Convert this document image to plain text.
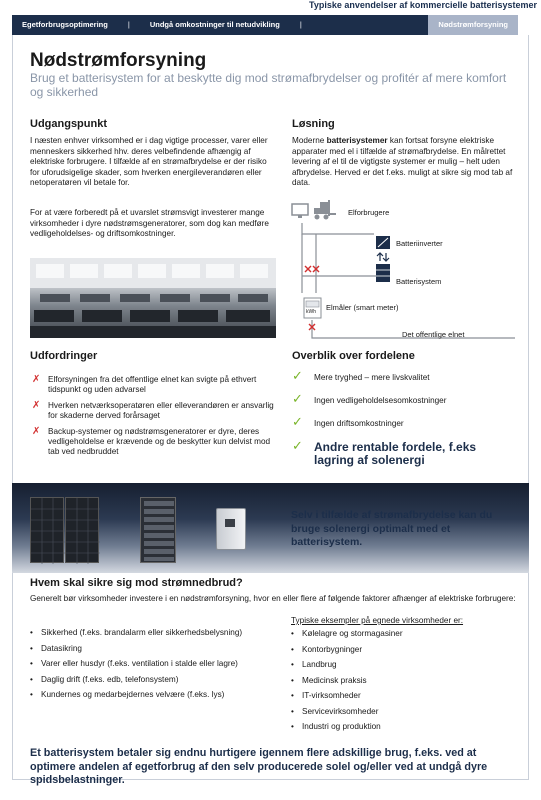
Typiske anvendelser af kommercielle batterisystemer
Egetforbrugsoptimering	|	Undgå omkostninger til netudvikling	|	Nødstrømforsyning
Nødstrømforsyning
Brug et batterisystem for at beskytte dig mod strømafbrydelser og profitér af mere komfort og sikkerhed
Udgangspunkt
I næsten enhver virksomhed er i dag vigtige processer, varer eller menneskers sikkerhed hhv. deres velbefindende afhængig af elektriske forbrugere. I tilfælde af en strømafbrydelse er der risiko for uforudsigelige skader, som hverken energileverandøren eller netoperatøren vil betale for.
For at være forberedt på et uvarslet strømsvigt investerer mange virksomheder i dyre nødstrømsgeneratorer, som dog kan medføre vedligeholdelses- og driftsomkostninger.
Løsning
Moderne batterisystemer kan fortsat forsyne elektriske apparater med el i tilfælde af strømafbrydelse. En målrettet levering af el til de vigtigste systemer er mulig – helt uden afbrydelse. Herved er det f.eks. muligt at sikre sig mod tab af data.
Elforbrugere
Batteriinverter
Batterisystem
Elmåler (smart meter)
kWh
Det offentlige elnet
Udfordringer
✗ Elforsyningen fra det offentlige elnet kan svigte på ethvert tidspunkt og uden advarsel
✗ Hverken netværksoperatøren eller elleverandøren er ansvarlig for skaderne derved forårsaget
✗ Backup-systemer og nødstrømsgeneratorer er dyre, deres vedligeholdelse er krævende og de beskytter kun delvist mod tab ved nedbruddet
Overblik over fordelene
✓ Mere tryghed – mere livskvalitet
✓ Ingen vedligeholdelsesomkostninger
✓ Ingen driftsomkostninger
✓ Andre rentable fordele, f.eks lagring af solenergi
Selv i tilfælde af strømafbrydelse kan du bruge solenergi optimalt med et batterisystem.
Hvem skal sikre sig mod strømnedbrud?
Generelt bør virksomheder investere i en nødstrømforsyning, hvor en eller flere af følgende faktorer afhænger af elektriske forbrugere:
• Sikkerhed (f.eks. brandalarm eller sikkerhedsbelysning)
• Datasikring
• Varer eller husdyr (f.eks. ventilation i stalde eller lagre)
• Daglig drift (f.eks. edb, telefonsystem)
• Kundernes og medarbejdernes velvære (f.eks. lys)
Typiske eksempler på egnede virksomheder er:
• Kølelagre og stormagasiner
• Kontorbygninger
• Landbrug
• Medicinsk praksis
• IT-virksomheder
• Servicevirksomheder
• Industri og produktion
Et batterisystem betaler sig endnu hurtigere igennem flere adskillige brug, f.eks. ved at optimere andelen af egetforbrug af den selv producerede solel og/eller ved at undgå dyre spidsbelastninger.
